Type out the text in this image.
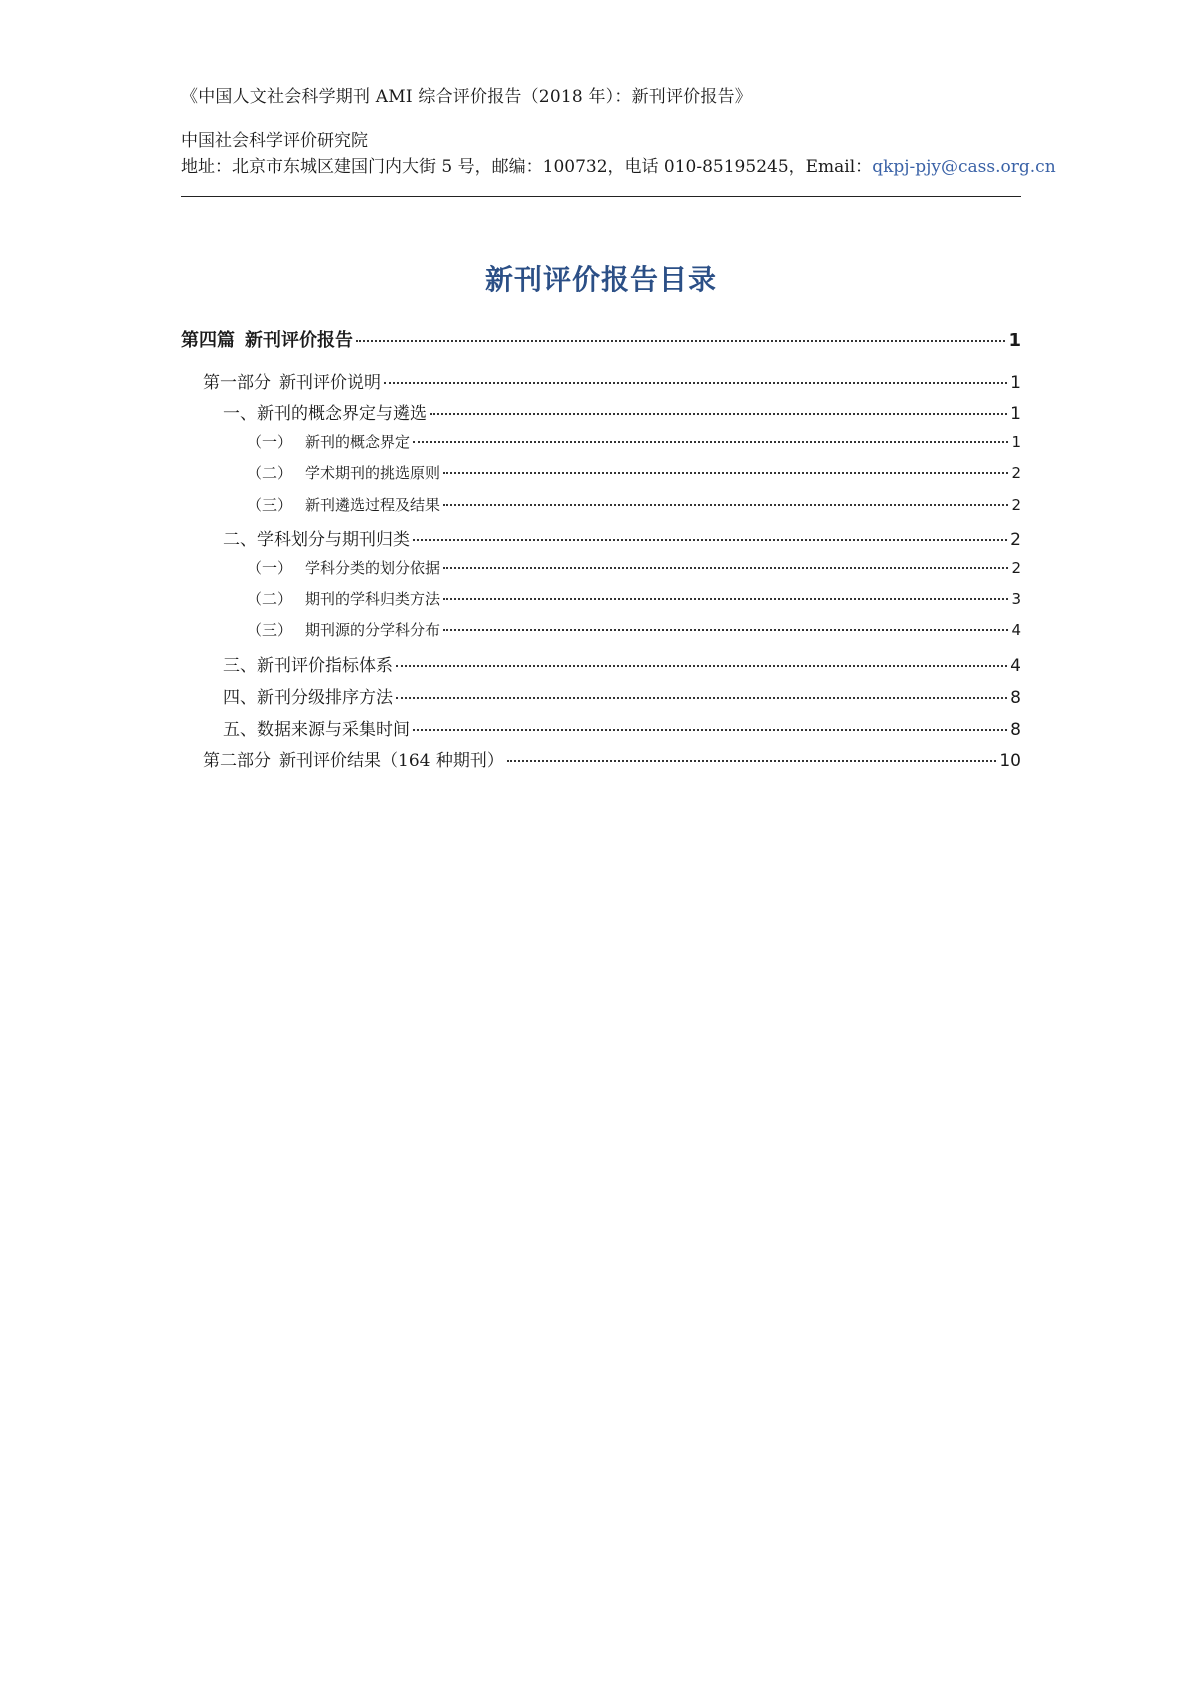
《中国人文社会科学期刊 AMI 综合评价报告（2018 年）：新刊评价报告》
中国社会科学评价研究院
地址：北京市东城区建国门内大街 5 号，邮编：100732，电话 010-85195245，Email：qkpj-pjy@cass.org.cn
新刊评价报告目录
第四篇 新刊评价报告	1
第一部分 新刊评价说明	1
一、新刊的概念界定与遴选	1
（一） 新刊的概念界定	1
（二） 学术期刊的挑选原则	2
（三） 新刊遴选过程及结果	2
二、学科划分与期刊归类	2
（一） 学科分类的划分依据	2
（二） 期刊的学科归类方法	3
（三） 期刊源的分学科分布	4
三、新刊评价指标体系	4
四、新刊分级排序方法	8
五、数据来源与采集时间	8
第二部分 新刊评价结果（164 种期刊）	10
